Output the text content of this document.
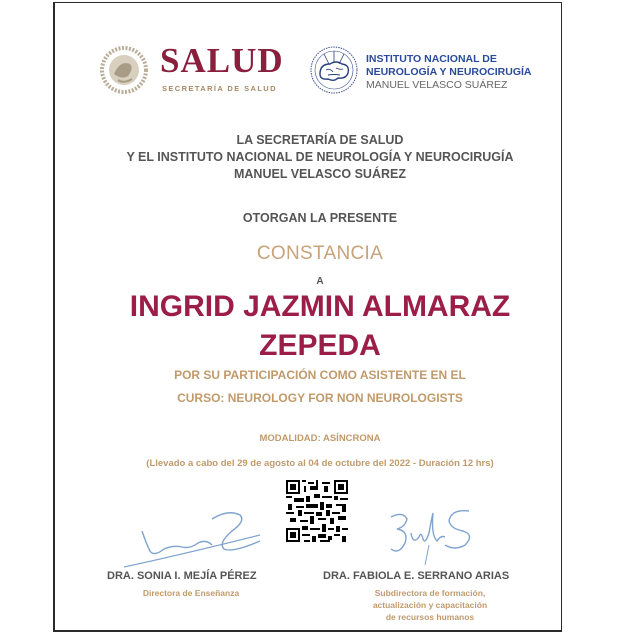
SALUD
SECRETARÍA DE SALUD
INSTITUTO NACIONAL DE
NEUROLOGÍA Y NEUROCIRUGÍA
MANUEL VELASCO SUÁREZ
LA SECRETARÍA DE SALUD
Y EL INSTITUTO NACIONAL DE NEUROLOGÍA Y NEUROCIRUGÍA
MANUEL VELASCO SUÁREZ
OTORGAN LA PRESENTE
CONSTANCIA
A
INGRID JAZMIN ALMARAZ
ZEPEDA
POR SU PARTICIPACIÓN COMO ASISTENTE EN EL
CURSO: NEUROLOGY FOR NON NEUROLOGISTS
MODALIDAD: ASÍNCRONA
(Llevado a cabo del 29 de agosto al 04 de octubre del 2022 - Duración 12 hrs)
DRA. SONIA I. MEJÍA PÉREZ
Directora de Enseñanza
DRA. FABIOLA E. SERRANO ARIAS
Subdirectora de formación,
actualización y capacitación
de recursos humanos
